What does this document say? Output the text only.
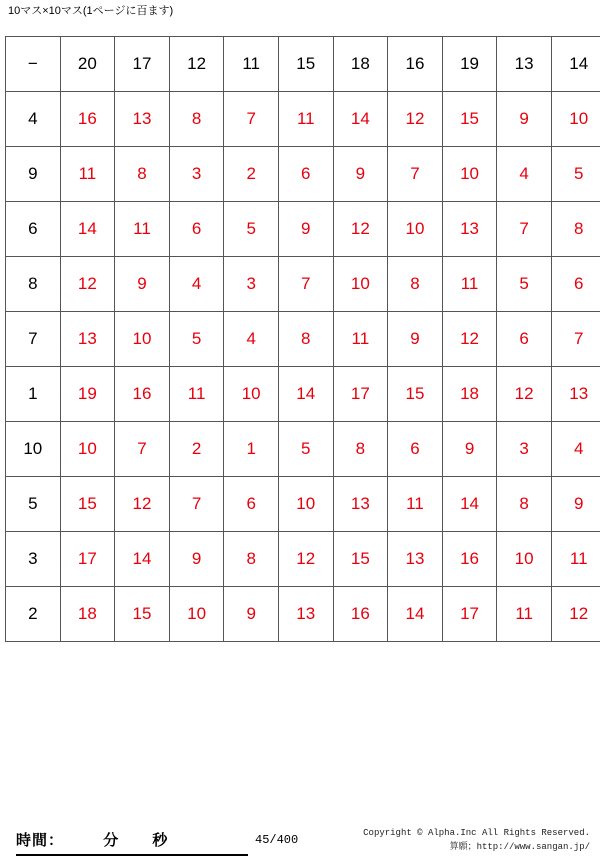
10マス×10マス(1ページに百ます)
−	20	17	12	11	15	18	16	19	13	14
4	16	13	8	7	11	14	12	15	9	10
9	11	8	3	2	6	9	7	10	4	5
6	14	11	6	5	9	12	10	13	7	8
8	12	9	4	3	7	10	8	11	5	6
7	13	10	5	4	8	11	9	12	6	7
1	19	16	11	10	14	17	15	18	12	13
10	10	7	2	1	5	8	6	9	3	4
5	15	12	7	6	10	13	11	14	8	9
3	17	14	9	8	12	15	13	16	10	11
2	18	15	10	9	13	16	14	17	11	12
時間：	分 秒	45/400	Copyright © Alpha.Inc All Rights Reserved.
算願；http://www.sangan.jp/
